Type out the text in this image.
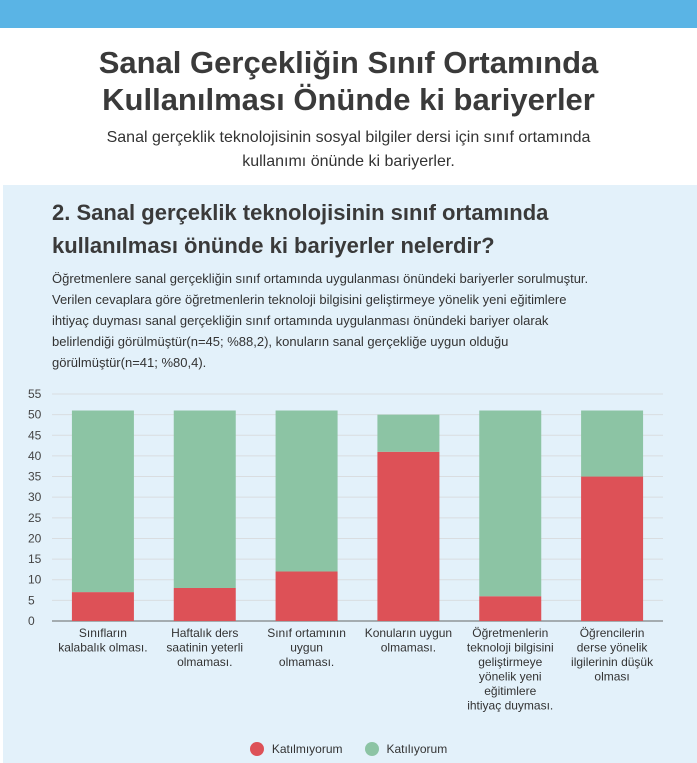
Sanal Gerçekliğin Sınıf Ortamında
Kullanılması Önünde ki bariyerler

Sanal gerçeklik teknolojisinin sosyal bilgiler dersi için sınıf ortamında
kullanımı önünde ki bariyerler.

2. Sanal gerçeklik teknolojisinin sınıf ortamında
kullanılması önünde ki bariyerler nelerdir?

Öğretmenlere sanal gerçekliğin sınıf ortamında uygulanması önündeki bariyerler sorulmuştur.
Verilen cevaplara göre öğretmenlerin teknoloji bilgisini geliştirmeye yönelik yeni eğitimlere
ihtiyaç duyması sanal gerçekliğin sınıf ortamında uygulanması önündeki bariyer olarak
belirlendiği görülmüştür(n=45; %88,2), konuların sanal gerçekliğe uygun olduğu
görülmüştür(n=41; %80,4).

0
5
10
15
20
25
30
35
40
45
50
55
Sınıfların kalabalık olması.
Haftalık ders saatinin yeterli olmaması.
Sınıf ortamının uygun olmaması.
Konuların uygun olmaması.
Öğretmenlerin teknoloji bilgisini geliştirmeye yönelik yeni eğitimlere ihtiyaç duyması.
Öğrencilerin derse yönelik ilgilerinin düşük olması
Katılmıyorum	Katılıyorum
